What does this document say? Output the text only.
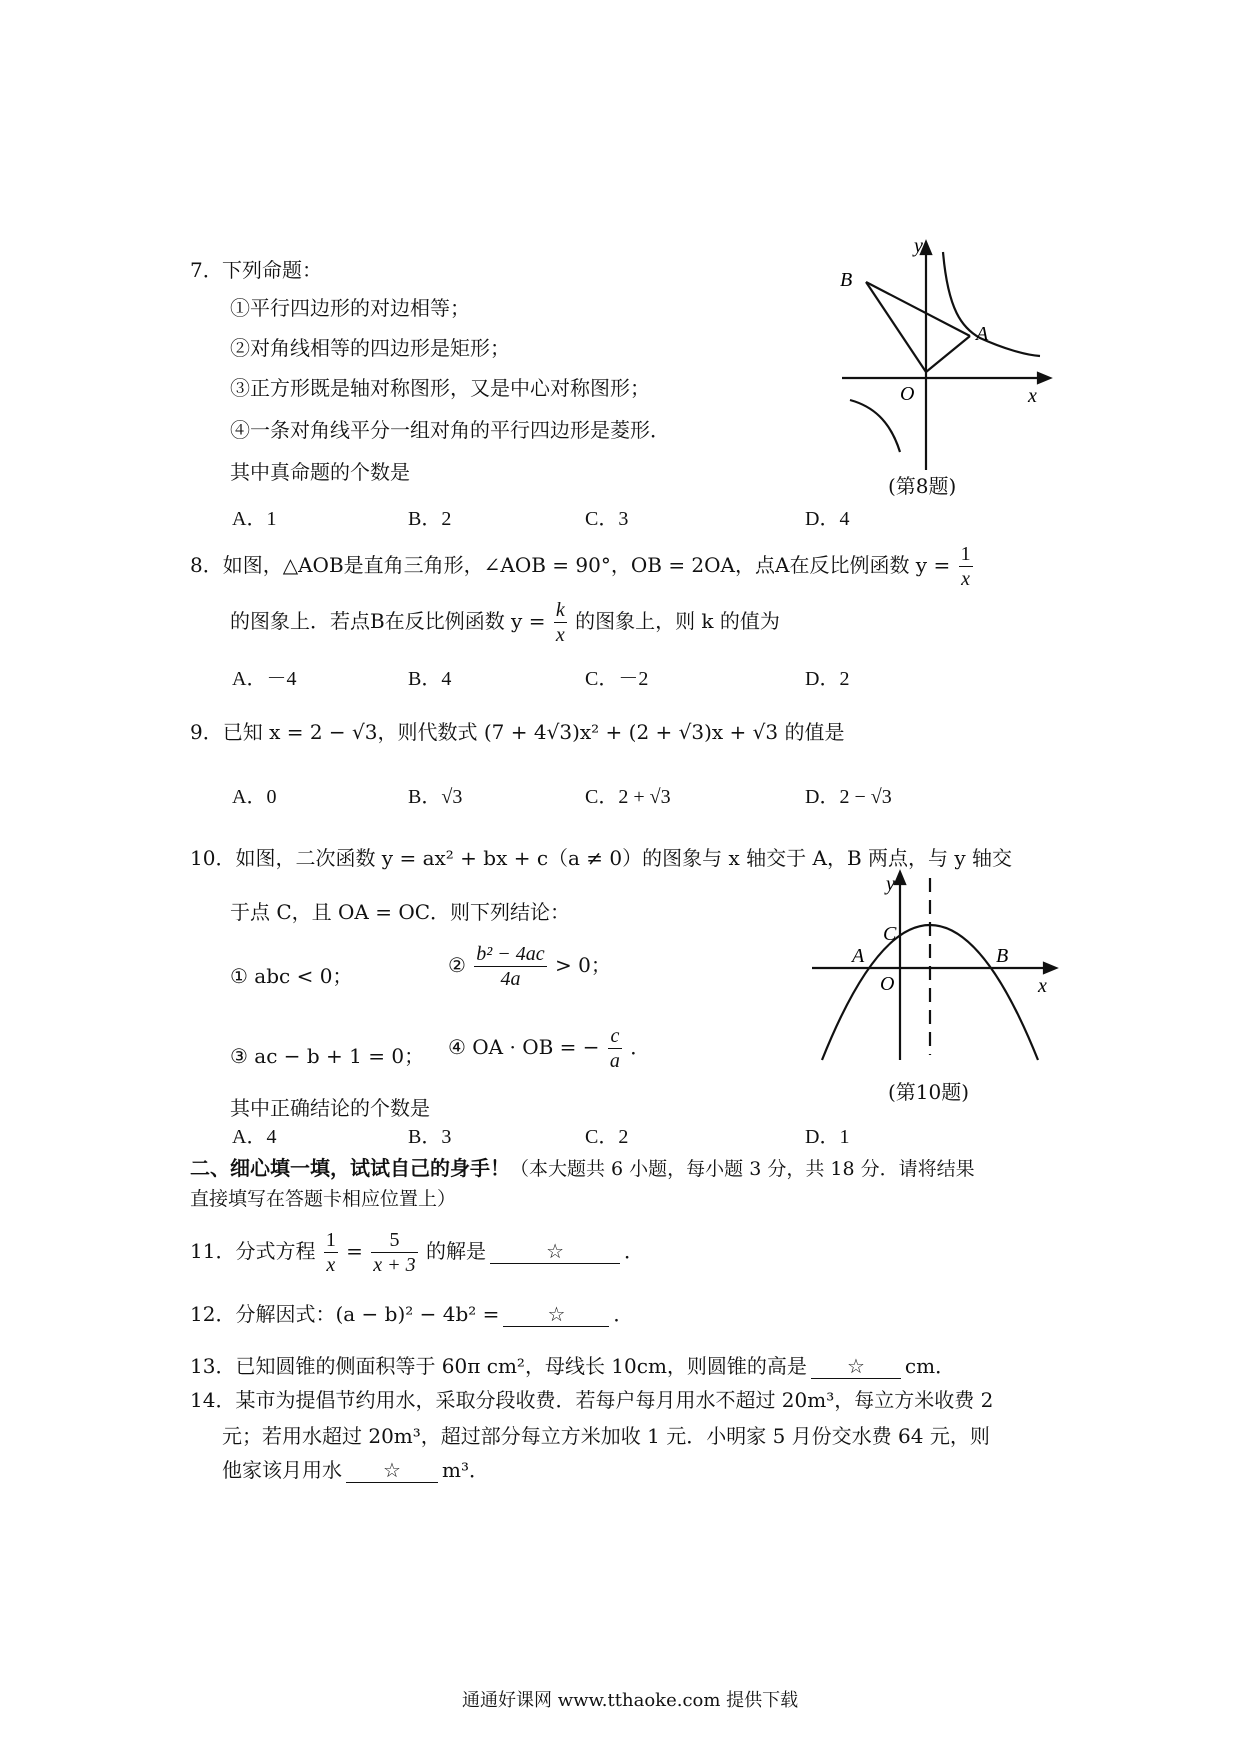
7． 下列命题：
①平行四边形的对边相等；
②对角线相等的四边形是矩形；
③正方形既是轴对称图形，又是中心对称图形；
④一条对角线平分一组对角的平行四边形是菱形．
其中真命题的个数是
A．1	B．2	C．3	D．4
y
B
A
O	x
(第8题)
8．如图，△AOB是直角三角形，∠AOB = 90°，OB = 2OA，点A在反比例函数 $y = \frac{1}{x}$
的图象上．若点B在反比例函数 $y = \frac{k}{x}$ 的图象上，则 k 的值为
A．－4	B．4	C．－2	D．2
9．已知 x = 2 − √3，则代数式 (7 + 4√3)x² + (2 + √3)x + √3 的值是
A．0	B．√3	C．2 + √3	D．2 − √3
10．如图，二次函数 y = ax² + bx + c（a ≠ 0）的图象与 x 轴交于 A，B 两点，与 y 轴交
于点 C，且 OA = OC．则下列结论：
① abc < 0；	② $\frac{\text{b² − 4ac}}{4a} > 0$；
③ ac − b + 1 = 0； ④ OA · OB = − $\frac{c}{a}$ ．
其中正确结论的个数是
A．4	B．3	C．2	D．1
y
C
A	B
O	x
(第10题)
二、细心填一填，试试自己的身手！（本大题共 6 小题，每小题 3 分，共 18 分．请将结果
直接填写在答题卡相应位置上）
11．分式方程 $\frac{1}{x} = \frac{5}{x + 3}$ 的解是	☆	．
12．分解因式：(a − b)² − 4b² = ☆ ．
13．已知圆锥的侧面积等于 60π cm²，母线长 10cm，则圆锥的高是 ☆ cm．
14．某市为提倡节约用水，采取分段收费．若每户每月用水不超过 20m³，每立方米收费 2
元；若用水超过 20m³，超过部分每立方米加收 1 元．小明家 5 月份交水费 64 元，则
他家该月用水 ☆ m³．
通通好课网 www.tthaoke.com 提供下载
